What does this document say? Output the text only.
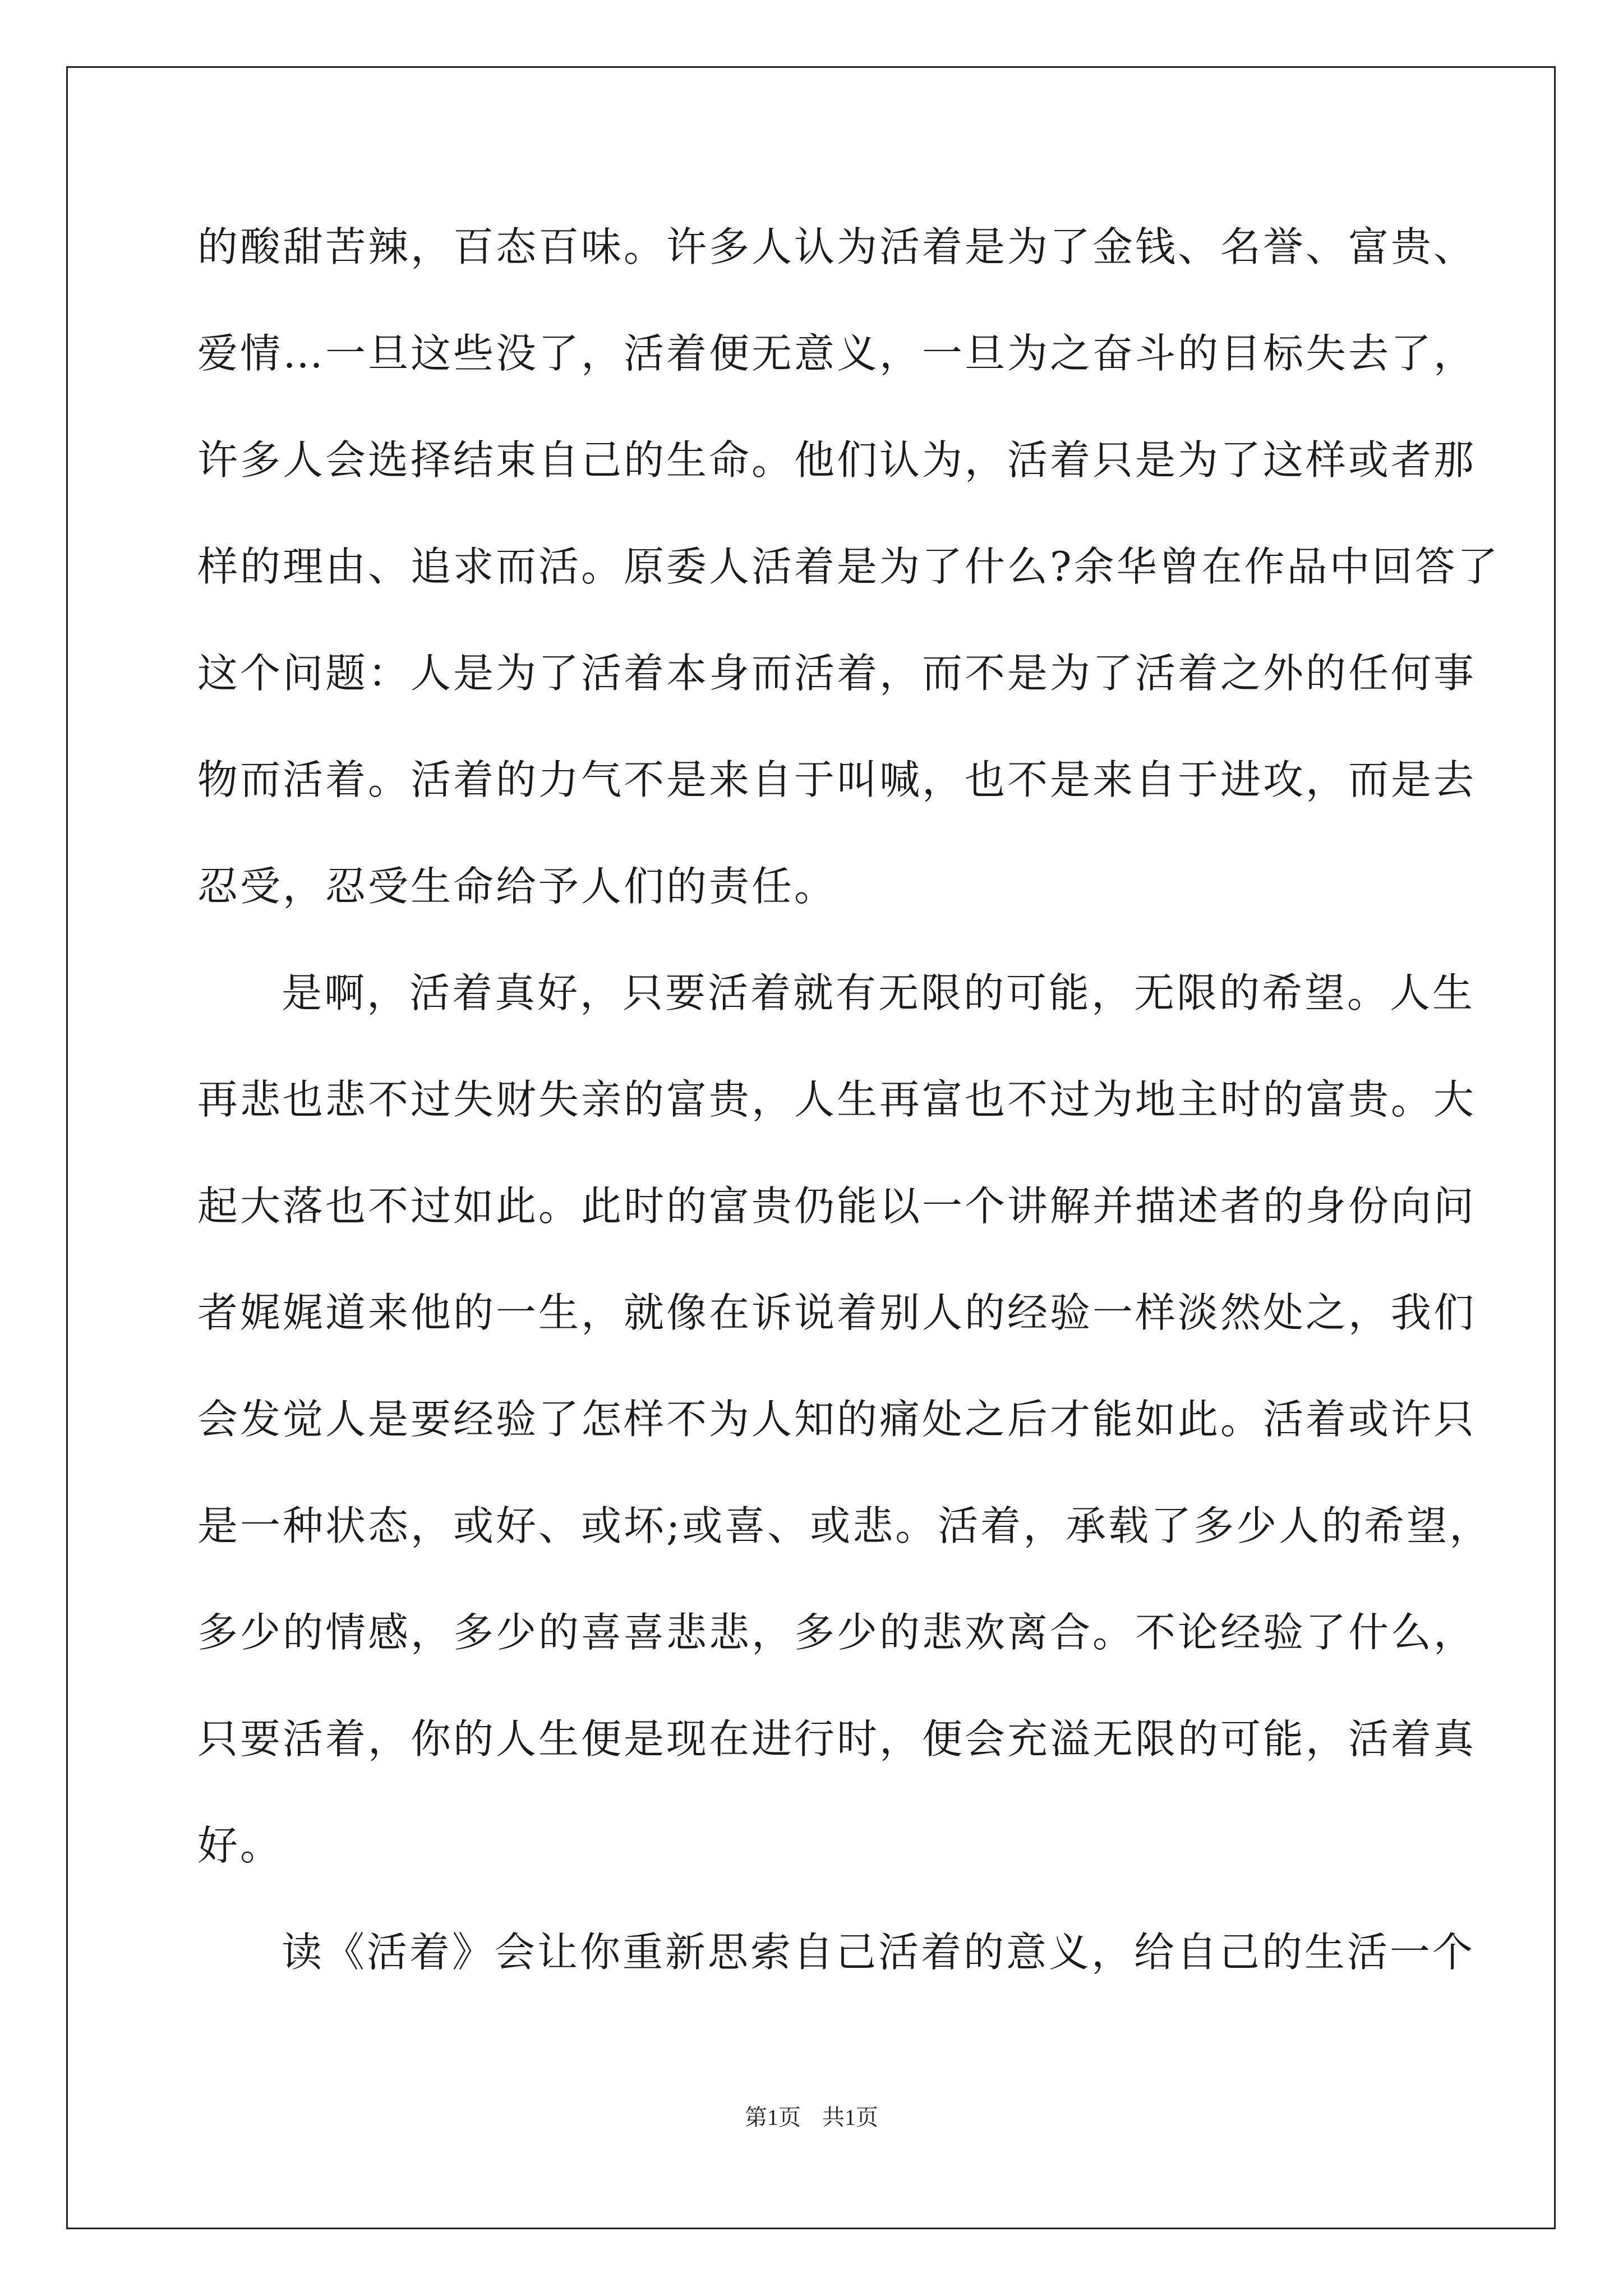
的酸甜苦辣，百态百味。许多人认为活着是为了金钱、名誉、富贵、
爱情…一旦这些没了，活着便无意义，一旦为之奋斗的目标失去了，
许多人会选择结束自己的生命。他们认为，活着只是为了这样或者那
样的理由、追求而活。原委人活着是为了什么?余华曾在作品中回答了
这个问题：人是为了活着本身而活着，而不是为了活着之外的任何事
物而活着。活着的力气不是来自于叫喊，也不是来自于进攻，而是去
忍受，忍受生命给予人们的责任。
是啊，活着真好，只要活着就有无限的可能，无限的希望。人生
再悲也悲不过失财失亲的富贵，人生再富也不过为地主时的富贵。大
起大落也不过如此。此时的富贵仍能以一个讲解并描述者的身份向问
者娓娓道来他的一生，就像在诉说着别人的经验一样淡然处之，我们
会发觉人是要经验了怎样不为人知的痛处之后才能如此。活着或许只
是一种状态，或好、或坏;或喜、或悲。活着，承载了多少人的希望，
多少的情感，多少的喜喜悲悲，多少的悲欢离合。不论经验了什么，
只要活着，你的人生便是现在进行时，便会充溢无限的可能，活着真
好。
读《活着》会让你重新思索自己活着的意义，给自己的生活一个
第1页 共1页
